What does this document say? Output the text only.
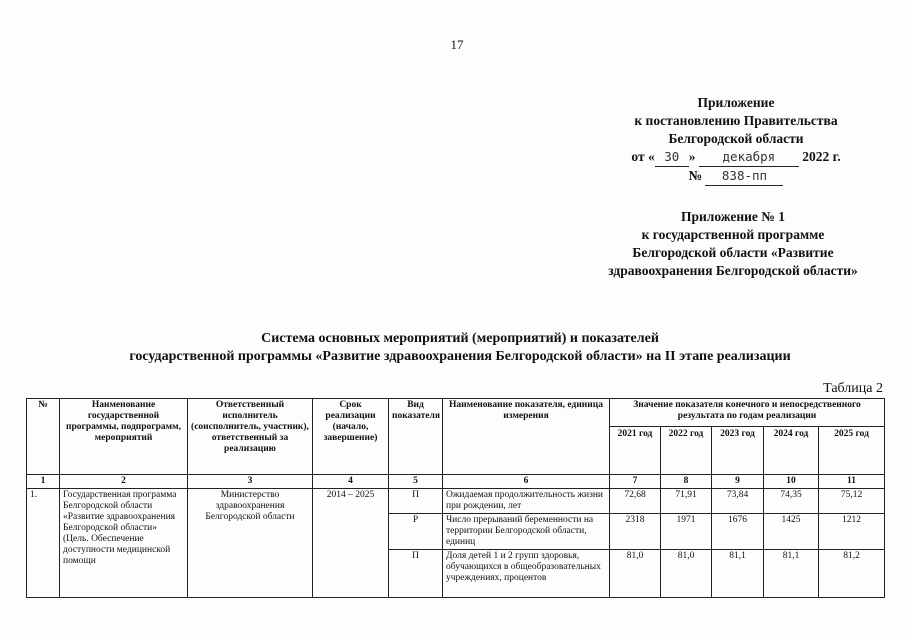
17
Приложение
к постановлению Правительства
Белгородской области
от « 30 » декабря 2022 г.
№ 838-пп
Приложение № 1
к государственной программе
Белгородской области «Развитие
здравоохранения Белгородской области»
Система основных мероприятий (мероприятий) и показателей
государственной программы «Развитие здравоохранения Белгородской области» на II этапе реализации
Таблица 2
№	Наименование государственной программы, подпрограмм, мероприятий	Ответственный исполнитель (соисполнитель, участник), ответственный за реализацию	Срок реализации (начало, завершение)	Вид показателя	Наименование показателя, единица измерения	Значение показателя конечного и непосредственного результата по годам реализации				
						2021 год	2022 год	2023 год	2024 год	2025 год
1	2	3	4	5	6	7	8	9	10	11
1.	Государственная программа Белгородской области «Развитие здравоохранения Белгородской области» (Цель. Обеспечение доступности медицинской помощи	Министерство здравоохранения Белгородской области	2014 – 2025	П	Ожидаемая продолжительность жизни при рождении, лет	72,68	71,91	73,84	74,35	75,12
				Р	Число прерываний беременности на территории Белгородской области, единиц	2318	1971	1676	1425	1212
				П	Доля детей 1 и 2 групп здоровья, обучающихся в общеобразовательных учреждениях, процентов	81,0	81,0	81,1	81,1	81,2
